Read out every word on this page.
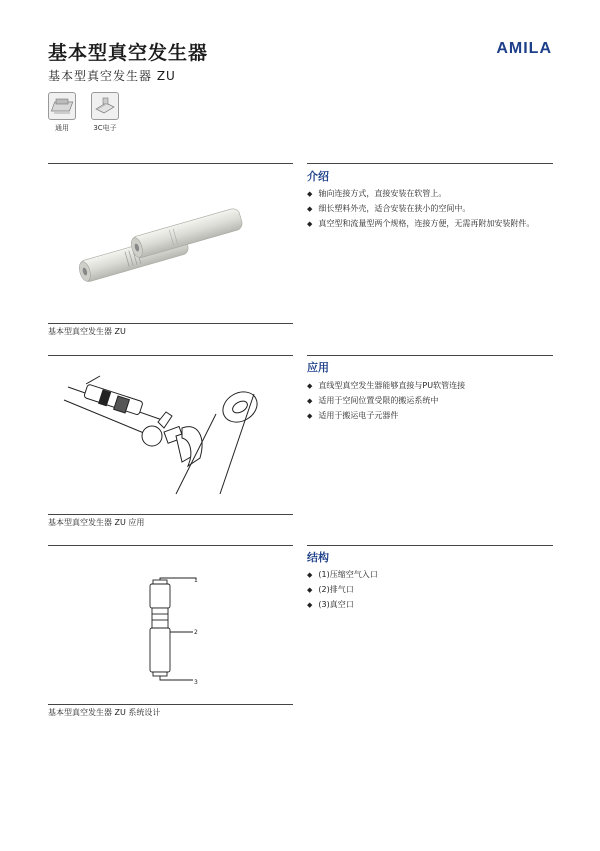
基本型真空发生器
基本型真空发生器 ZU
AMILA
通用	3C电子
基本型真空发生器 ZU
介绍
◆ 轴向连接方式，直接安装在软管上。
◆ 细长塑料外壳，适合安装在狭小的空间中。
◆ 真空型和流量型两个规格，连接方便，无需再附加安装附件。
基本型真空发生器 ZU 应用
应用
◆ 直线型真空发生器能够直接与PU软管连接
◆ 适用于空间位置受限的搬运系统中
◆ 适用于搬运电子元器件
1
2
3
基本型真空发生器 ZU 系统设计
结构
◆ (1)压缩空气入口
◆ (2)排气口
◆ (3)真空口
